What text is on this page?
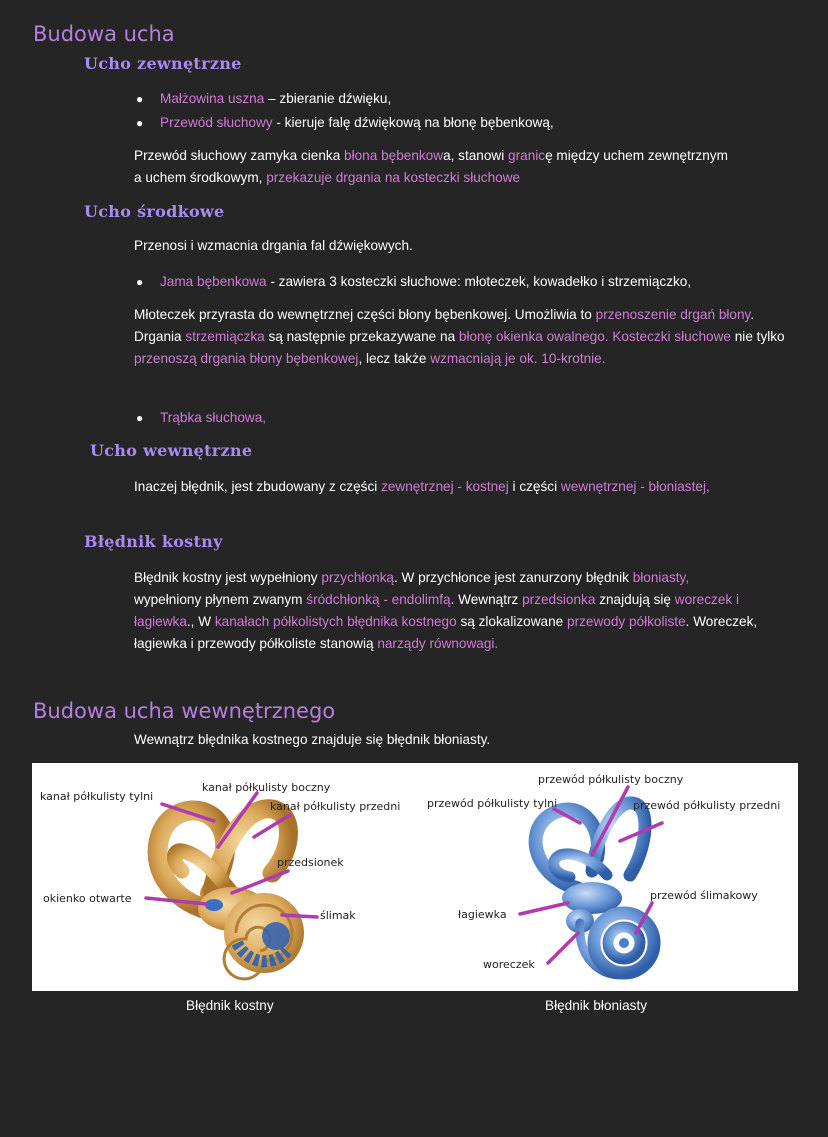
Budowa ucha
Ucho zewnętrzne
● Małżowina uszna – zbieranie dźwięku,
● Przewód słuchowy - kieruje falę dźwiękową na błonę bębenkową,
Przewód słuchowy zamyka cienka błona bębenkowa, stanowi granicę między uchem zewnętrznym a uchem środkowym, przekazuje drgania na kosteczki słuchowe
Ucho środkowe
Przenosi i wzmacnia drgania fal dźwiękowych.
● Jama bębenkowa - zawiera 3 kosteczki słuchowe: młoteczek, kowadełko i strzemiączko,
Młoteczek przyrasta do wewnętrznej części błony bębenkowej. Umożliwia to przenoszenie drgań błony. Drgania strzemiączka są następnie przekazywane na błonę okienka owalnego. Kosteczki słuchowe nie tylko przenoszą drgania błony bębenkowej, lecz także wzmacniają je ok. 10-krotnie.
● Trąbka słuchowa,
Ucho wewnętrzne
Inaczej błędnik, jest zbudowany z części zewnętrznej - kostnej i części wewnętrznej - błoniastej,
Błędnik kostny
Błędnik kostny jest wypełniony przychłonką. W przychłonce jest zanurzony błędnik błoniasty, wypełniony płynem zwanym śródchłonką - endolimfą. Wewnątrz przedsionka znajdują się woreczek i łagiewka., W kanałach półkolistych błędnika kostnego są zlokalizowane przewody półkoliste. Woreczek, łagiewka i przewody półkoliste stanowią narządy równowagi.
Budowa ucha wewnętrznego
Wewnątrz błędnika kostnego znajduje się błędnik błoniasty.
kanał półkulisty tylni
kanał półkulisty boczny
kanał półkulisty przedni
przedsionek
okienko otwarte
ślimak
przewód półkulisty boczny
przewód półkulisty tylni	przewód półkulisty przedni
łagiewka
przewód ślimakowy
woreczek
Błędnik kostny	Błędnik błoniasty
